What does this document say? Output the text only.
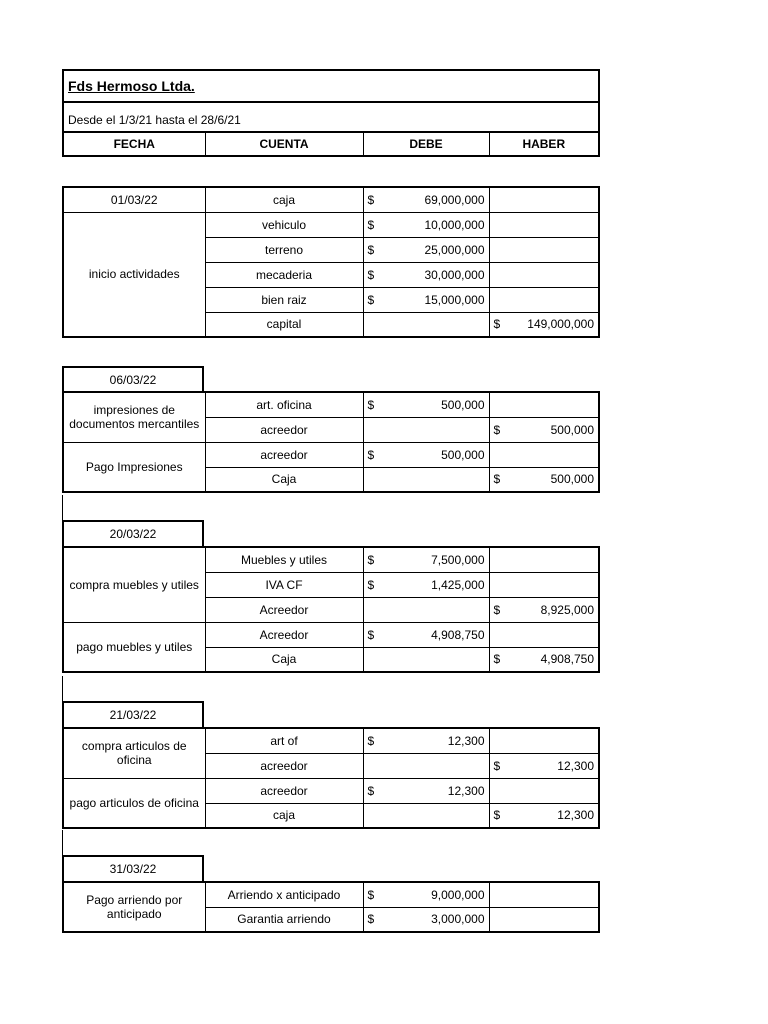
Fds Hermoso Ltda.
Desde el 1/3/21 hasta el 28/6/21
FECHA	CUENTA	DEBE	HABER
01/03/22	caja	$ 69,000,000	

inicio actividades	vehiculo	$ 10,000,000	

	terreno	$ 25,000,000	

	mecaderia	$ 30,000,000	

	bien raiz	$ 15,000,000	

	capital		$ 149,000,000
06/03/22
impresiones de documentos mercantiles	art. oficina	$ 500,000	

	acreedor		$ 500,000

Pago Impresiones	acreedor	$ 500,000	

	Caja		$ 500,000
20/03/22
compra muebles y utiles	Muebles y utiles	$ 7,500,000	

	IVA CF	$ 1,425,000	

	Acreedor		$ 8,925,000

pago muebles y utiles	Acreedor	$ 4,908,750	

	Caja		$ 4,908,750
21/03/22
compra articulos de oficina	art of	$ 12,300	

	acreedor		$ 12,300

pago articulos de oficina	acreedor	$ 12,300	

	caja		$ 12,300
31/03/22
Pago arriendo por anticipado	Arriendo x anticipado	$ 9,000,000	

	Garantia arriendo	$ 3,000,000	
